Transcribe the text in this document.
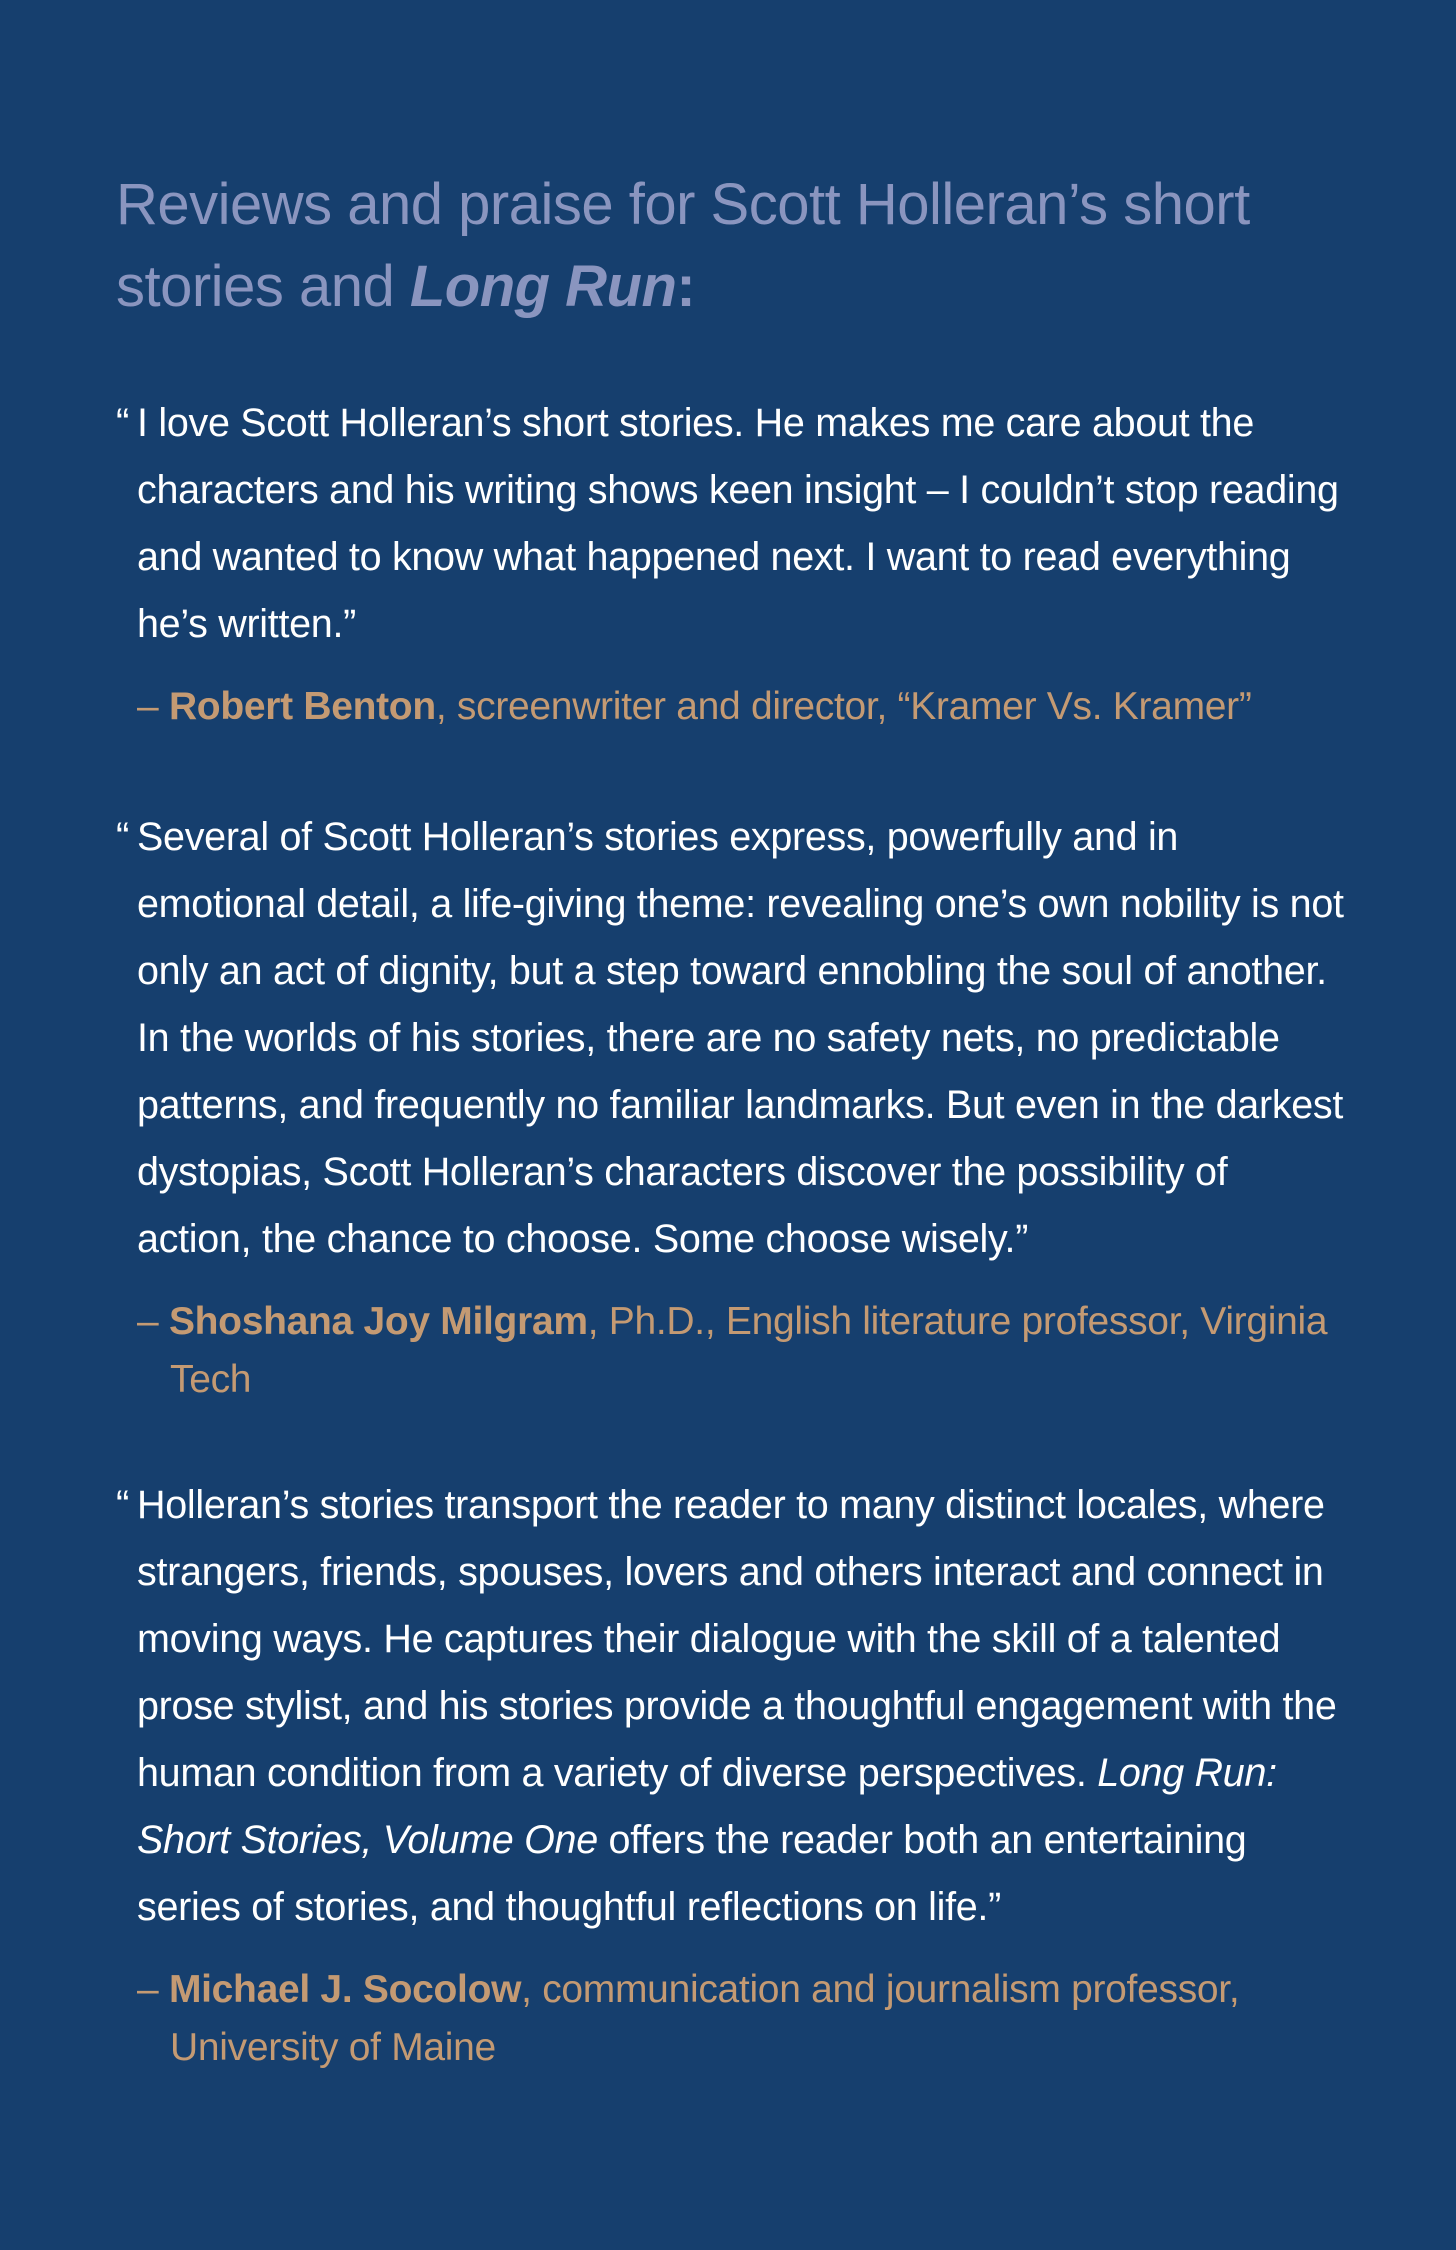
Reviews and praise for Scott Holleran’s short stories and Long Run:
“ I love Scott Holleran’s short stories. He makes me care about the characters and his writing shows keen insight – I couldn’t stop reading and wanted to know what happened next. I want to read everything he’s written.”

– Robert Benton, screenwriter and director, “Kramer Vs. Kramer”

“ Several of Scott Holleran’s stories express, powerfully and in emotional detail, a life-giving theme: revealing one’s own nobility is not only an act of dignity, but a step toward ennobling the soul of another. In the worlds of his stories, there are no safety nets, no predictable patterns, and frequently no familiar landmarks. But even in the darkest dystopias, Scott Holleran’s characters discover the possibility of action, the chance to choose. Some choose wisely.”

– Shoshana Joy Milgram, Ph.D., English literature professor, Virginia Tech

“ Holleran’s stories transport the reader to many distinct locales, where strangers, friends, spouses, lovers and others interact and connect in moving ways. He captures their dialogue with the skill of a talented prose stylist, and his stories provide a thoughtful engagement with the human condition from a variety of diverse perspectives. Long Run: Short Stories, Volume One offers the reader both an entertaining series of stories, and thoughtful reflections on life.”

– Michael J. Socolow, communication and journalism professor, University of Maine
